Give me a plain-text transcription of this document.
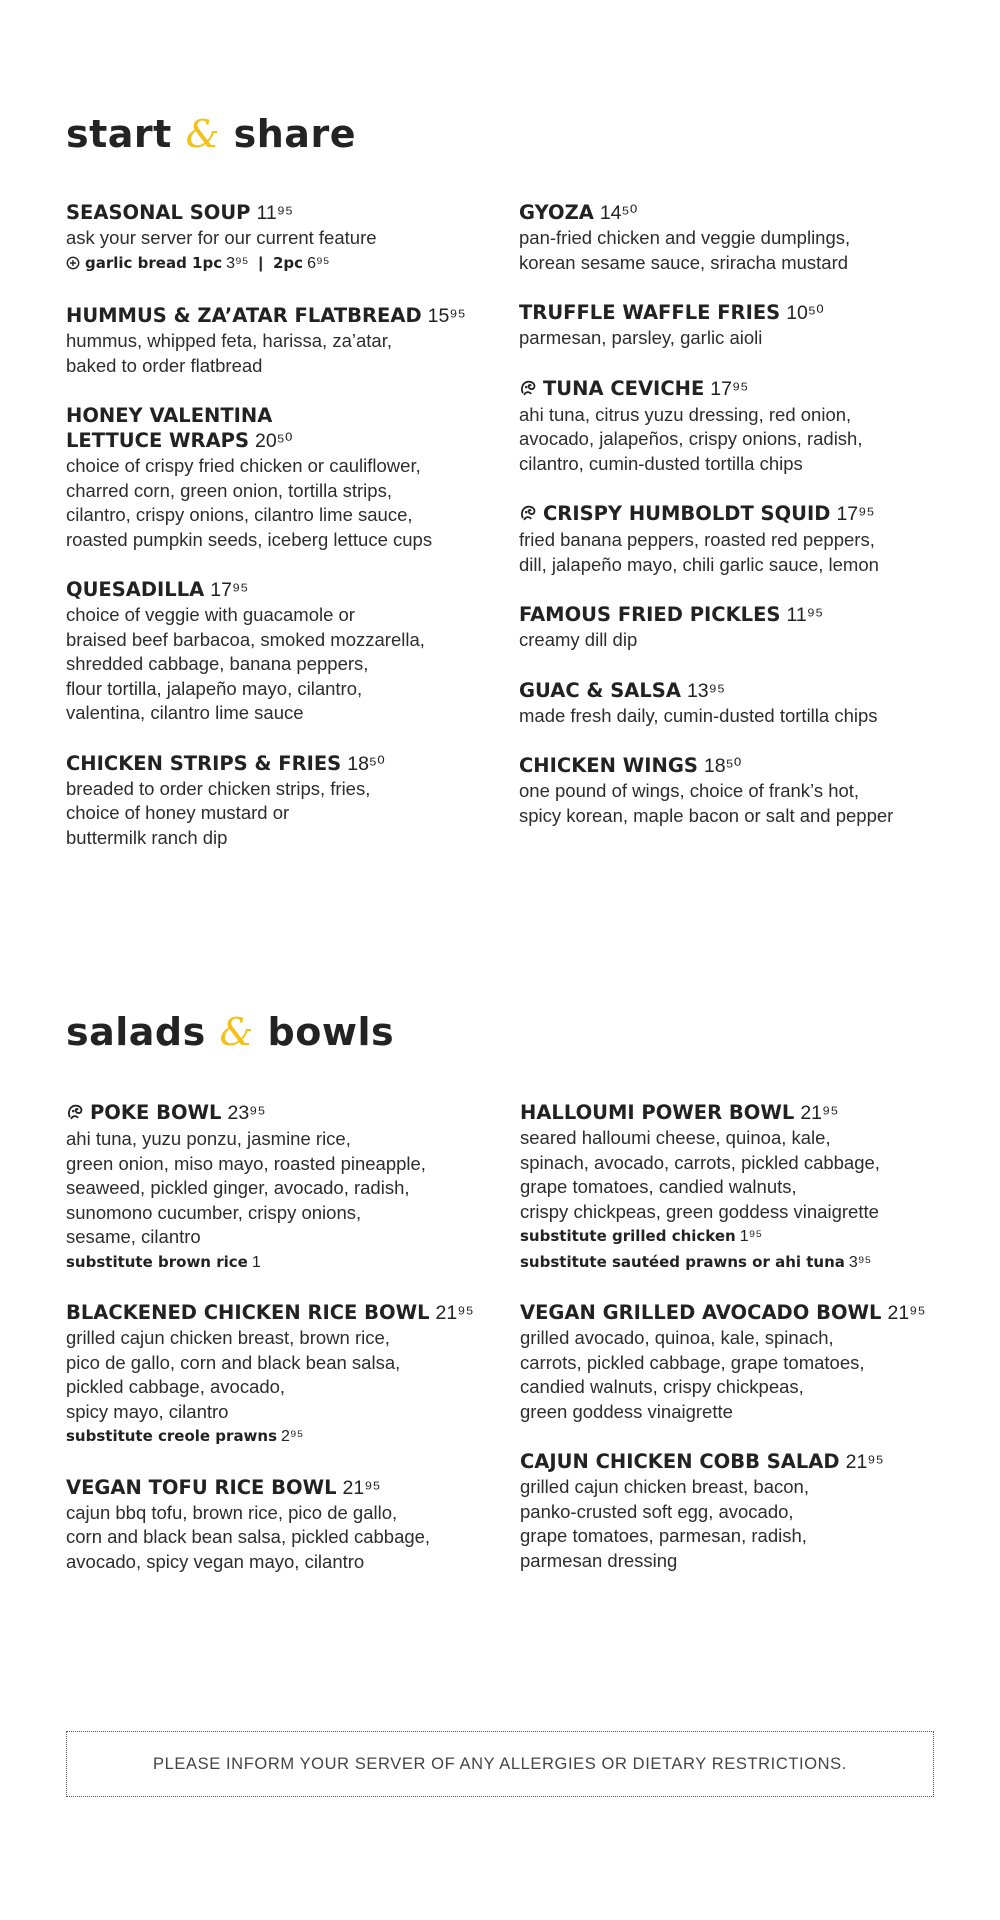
start & share
SEASONAL SOUP 11⁹⁵
ask your server for our current feature
garlic bread 1pc 3⁹⁵ | 2pc 6⁹⁵
HUMMUS & ZA’ATAR FLATBREAD 15⁹⁵
hummus, whipped feta, harissa, za’atar,
baked to order flatbread
HONEY VALENTINA
LETTUCE WRAPS 20⁵⁰
choice of crispy fried chicken or cauliflower,
charred corn, green onion, tortilla strips,
cilantro, crispy onions, cilantro lime sauce,
roasted pumpkin seeds, iceberg lettuce cups
QUESADILLA 17⁹⁵
choice of veggie with guacamole or
braised beef barbacoa, smoked mozzarella,
shredded cabbage, banana peppers,
flour tortilla, jalapeño mayo, cilantro,
valentina, cilantro lime sauce
CHICKEN STRIPS & FRIES 18⁵⁰
breaded to order chicken strips, fries,
choice of honey mustard or
buttermilk ranch dip
GYOZA 14⁵⁰
pan-fried chicken and veggie dumplings,
korean sesame sauce, sriracha mustard
TRUFFLE WAFFLE FRIES 10⁵⁰
parmesan, parsley, garlic aioli
TUNA CEVICHE 17⁹⁵
ahi tuna, citrus yuzu dressing, red onion,
avocado, jalapeños, crispy onions, radish,
cilantro, cumin-dusted tortilla chips
CRISPY HUMBOLDT SQUID 17⁹⁵
fried banana peppers, roasted red peppers,
dill, jalapeño mayo, chili garlic sauce, lemon
FAMOUS FRIED PICKLES 11⁹⁵
creamy dill dip
GUAC & SALSA 13⁹⁵
made fresh daily, cumin-dusted tortilla chips
CHICKEN WINGS 18⁵⁰
one pound of wings, choice of frank’s hot,
spicy korean, maple bacon or salt and pepper
salads & bowls
POKE BOWL 23⁹⁵
ahi tuna, yuzu ponzu, jasmine rice,
green onion, miso mayo, roasted pineapple,
seaweed, pickled ginger, avocado, radish,
sunomono cucumber, crispy onions,
sesame, cilantro
substitute brown rice 1
BLACKENED CHICKEN RICE BOWL 21⁹⁵
grilled cajun chicken breast, brown rice,
pico de gallo, corn and black bean salsa,
pickled cabbage, avocado,
spicy mayo, cilantro
substitute creole prawns 2⁹⁵
VEGAN TOFU RICE BOWL 21⁹⁵
cajun bbq tofu, brown rice, pico de gallo,
corn and black bean salsa, pickled cabbage,
avocado, spicy vegan mayo, cilantro
HALLOUMI POWER BOWL 21⁹⁵
seared halloumi cheese, quinoa, kale,
spinach, avocado, carrots, pickled cabbage,
grape tomatoes, candied walnuts,
crispy chickpeas, green goddess vinaigrette
substitute grilled chicken 1⁹⁵
substitute sautéed prawns or ahi tuna 3⁹⁵
VEGAN GRILLED AVOCADO BOWL 21⁹⁵
grilled avocado, quinoa, kale, spinach,
carrots, pickled cabbage, grape tomatoes,
candied walnuts, crispy chickpeas,
green goddess vinaigrette
CAJUN CHICKEN COBB SALAD 21⁹⁵
grilled cajun chicken breast, bacon,
panko-crusted soft egg, avocado,
grape tomatoes, parmesan, radish,
parmesan dressing
PLEASE INFORM YOUR SERVER OF ANY ALLERGIES OR DIETARY RESTRICTIONS.
